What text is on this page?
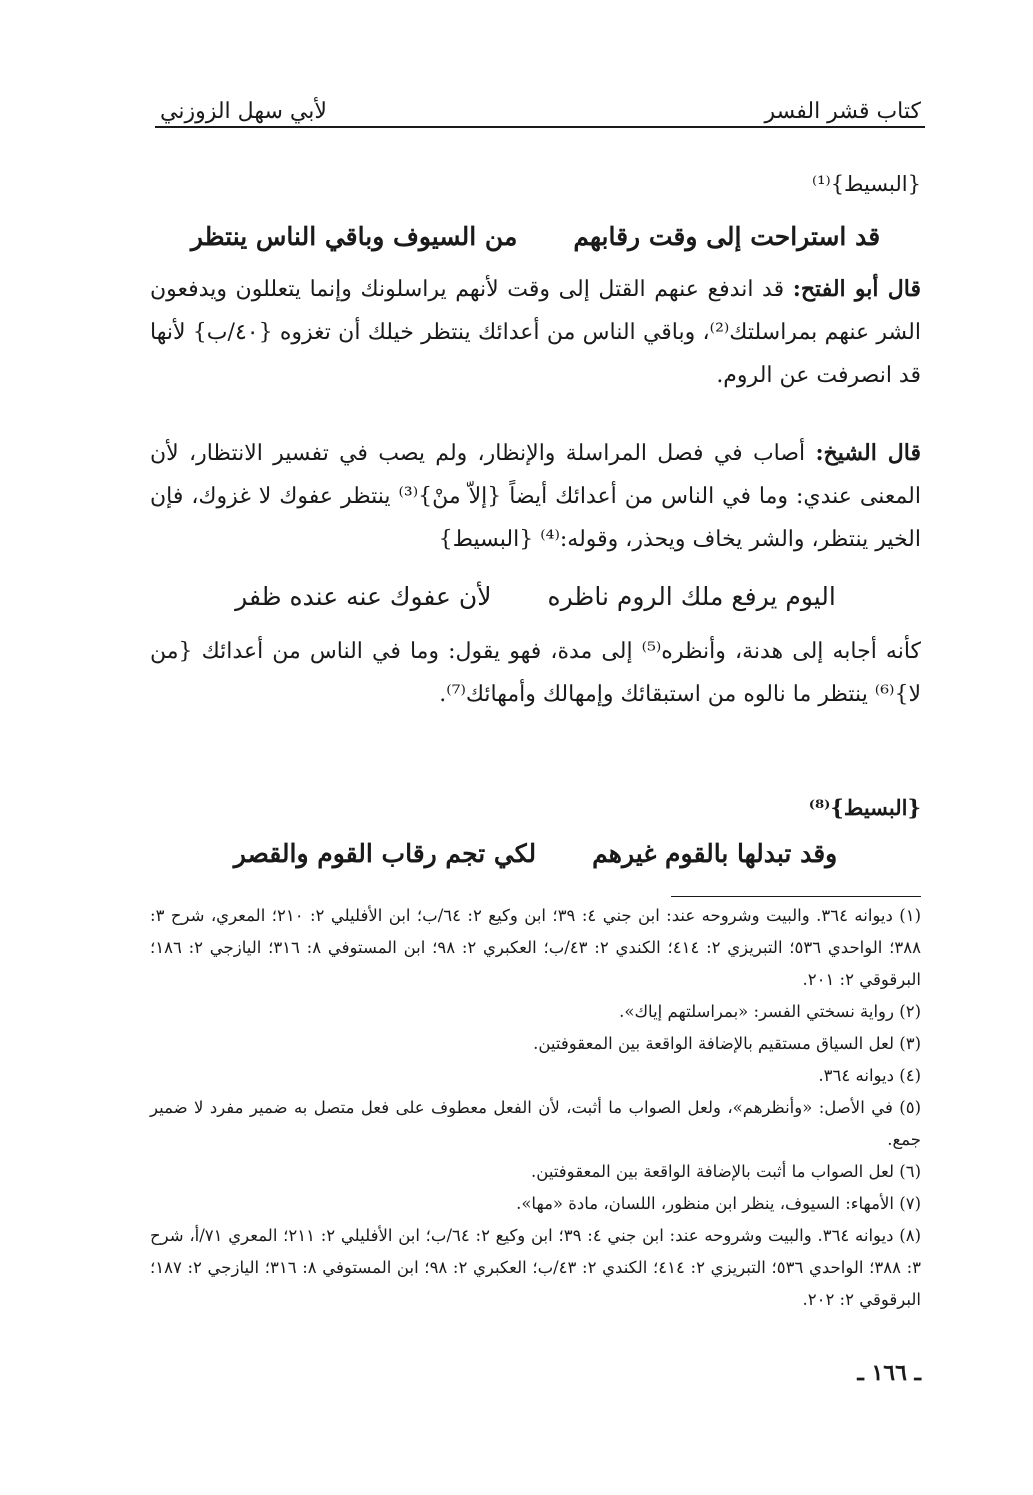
كتاب قشر الفسر
لأبي سهل الزوزني
{البسيط}⁽¹⁾
قد استراحت إلى وقت رقابهم
من السيوف وباقي الناس ينتظر

قال أبو الفتح: قد اندفع عنهم القتل إلى وقت لأنهم يراسلونك وإنما يتعللون ويدفعون الشر عنهم بمراسلتك⁽²⁾، وباقي الناس من أعدائك ينتظر خيلك أن تغزوه {٤٠/ب} لأنها قد انصرفت عن الروم.

قال الشيخ: أصاب في فصل المراسلة والإنظار، ولم يصب في تفسير الانتظار، لأن المعنى عندي: وما في الناس من أعدائك أيضاً {إلاّ منْ}⁽³⁾ ينتظر عفوك لا غزوك، فإن الخير ينتظر، والشر يخاف ويحذر، وقوله:⁽⁴⁾ {البسيط}

اليوم يرفع ملك الروم ناظره
لأن عفوك عنه عنده ظفر

كأنه أجابه إلى هدنة، وأنظره⁽⁵⁾ إلى مدة، فهو يقول: وما في الناس من أعدائك {من لا}⁽⁶⁾ ينتظر ما نالوه من استبقائك وإمهالك وأمهائك⁽⁷⁾.

{البسيط}⁽⁸⁾
وقد تبدلها بالقوم غيرهم
لكي تجم رقاب القوم والقصر

(١) ديوانه ٣٦٤. والبيت وشروحه عند: ابن جني ٤: ٣٩؛ ابن وكيع ٢: ٦٤/ب؛ ابن الأفليلي ٢: ٢١٠؛ المعري، شرح ٣: ٣٨٨؛ الواحدي ٥٣٦؛ التبريزي ٢: ٤١٤؛ الكندي ٢: ٤٣/ب؛ العكبري ٢: ٩٨؛ ابن المستوفي ٨: ٣١٦؛ اليازجي ٢: ١٨٦؛ البرقوقي ٢: ٢٠١.

(٢) رواية نسختي الفسر: «بمراسلتهم إياك».

(٣) لعل السياق مستقيم بالإضافة الواقعة بين المعقوفتين.

(٤) ديوانه ٣٦٤.

(٥) في الأصل: «وأنظرهم»، ولعل الصواب ما أثبت، لأن الفعل معطوف على فعل متصل به ضمير مفرد لا ضمير جمع.

(٦) لعل الصواب ما أثبت بالإضافة الواقعة بين المعقوفتين.

(٧) الأمهاء: السيوف، ينظر ابن منظور، اللسان، مادة «مها».

(٨) ديوانه ٣٦٤. والبيت وشروحه عند: ابن جني ٤: ٣٩؛ ابن وكيع ٢: ٦٤/ب؛ ابن الأفليلي ٢: ٢١١؛ المعري ٧١/أ، شرح ٣: ٣٨٨؛ الواحدي ٥٣٦؛ التبريزي ٢: ٤١٤؛ الكندي ٢: ٤٣/ب؛ العكبري ٢: ٩٨؛ ابن المستوفي ٨: ٣١٦؛ اليازجي ٢: ١٨٧؛ البرقوقي ٢: ٢٠٢.

ـ ١٦٦ ـ
